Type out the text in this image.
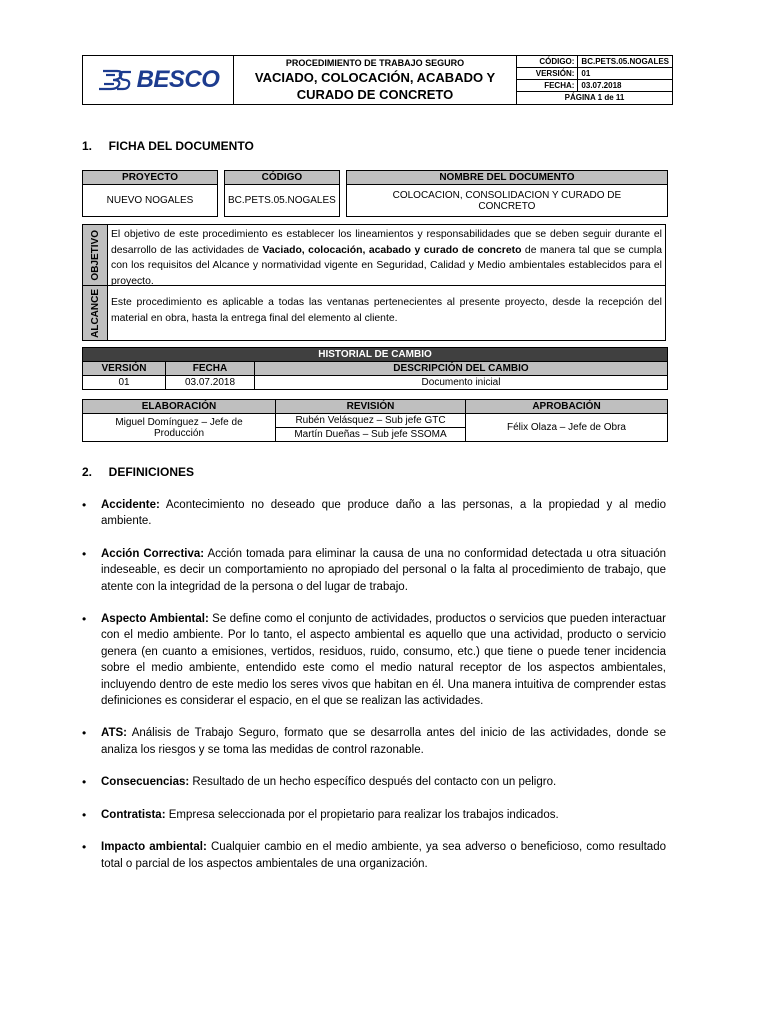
BESCO
PROCEDIMIENTO DE TRABAJO SEGURO
VACIADO, COLOCACIÓN, ACABADO Y
CURADO DE CONCRETO
CÓDIGO:	BC.PETS.05.NOGALES
VERSIÓN:	01
FECHA:	03.07.2018
PÁGINA 1 de 11	
1.     FICHA DEL DOCUMENTO
PROYECTO		CÓDIGO		NOMBRE DEL DOCUMENTO
NUEVO NOGALES		BC.PETS.05.NOGALES		COLOCACION, CONSOLIDACION Y CURADO DE CONCRETO
OBJETIVO El objetivo de este procedimiento es establecer los lineamientos y responsabilidades que se deben seguir durante el desarrollo de las actividades de Vaciado, colocación, acabado y curado de concreto de manera tal que se cumpla con los requisitos del Alcance y normatividad vigente en Seguridad, Calidad y Medio ambientales establecidos para el proyecto.
ALCANCE Este procedimiento es aplicable a todas las ventanas pertenecientes al presente proyecto, desde la recepción del material en obra, hasta la entrega final del elemento al cliente.
HISTORIAL DE CAMBIO		
VERSIÓN	FECHA	DESCRIPCIÓN DEL CAMBIO
01	03.07.2018	Documento inicial
ELABORACIÓN	REVISIÓN	APROBACIÓN
Miguel Domínguez – Jefe de Producción	Rubén Velásquez – Sub jefe GTC	Félix Olaza – Jefe de Obra
	Martín Dueñas – Sub jefe SSOMA	
2.     DEFINICIONES
• Accidente: Acontecimiento no deseado que produce daño a las personas, a la propiedad y al medio ambiente.
• Acción Correctiva: Acción tomada para eliminar la causa de una no conformidad detectada u otra situación indeseable, es decir un comportamiento no apropiado del personal o la falta al procedimiento de trabajo, que atente con la integridad de la persona o del lugar de trabajo.
• Aspecto Ambiental: Se define como el conjunto de actividades, productos o servicios que pueden interactuar con el medio ambiente. Por lo tanto, el aspecto ambiental es aquello que una actividad, producto o servicio genera (en cuanto a emisiones, vertidos, residuos, ruido, consumo, etc.) que tiene o puede tener incidencia sobre el medio ambiente, entendido este como el medio natural receptor de los aspectos ambientales, incluyendo dentro de este medio los seres vivos que habitan en él. Una manera intuitiva de comprender estas definiciones es considerar el espacio, en el que se realizan las actividades.
• ATS: Análisis de Trabajo Seguro, formato que se desarrolla antes del inicio de las actividades, donde se analiza los riesgos y se toma las medidas de control razonable.
• Consecuencias: Resultado de un hecho específico después del contacto con un peligro.
• Contratista: Empresa seleccionada por el propietario para realizar los trabajos indicados.
• Impacto ambiental: Cualquier cambio en el medio ambiente, ya sea adverso o beneficioso, como resultado total o parcial de los aspectos ambientales de una organización.
